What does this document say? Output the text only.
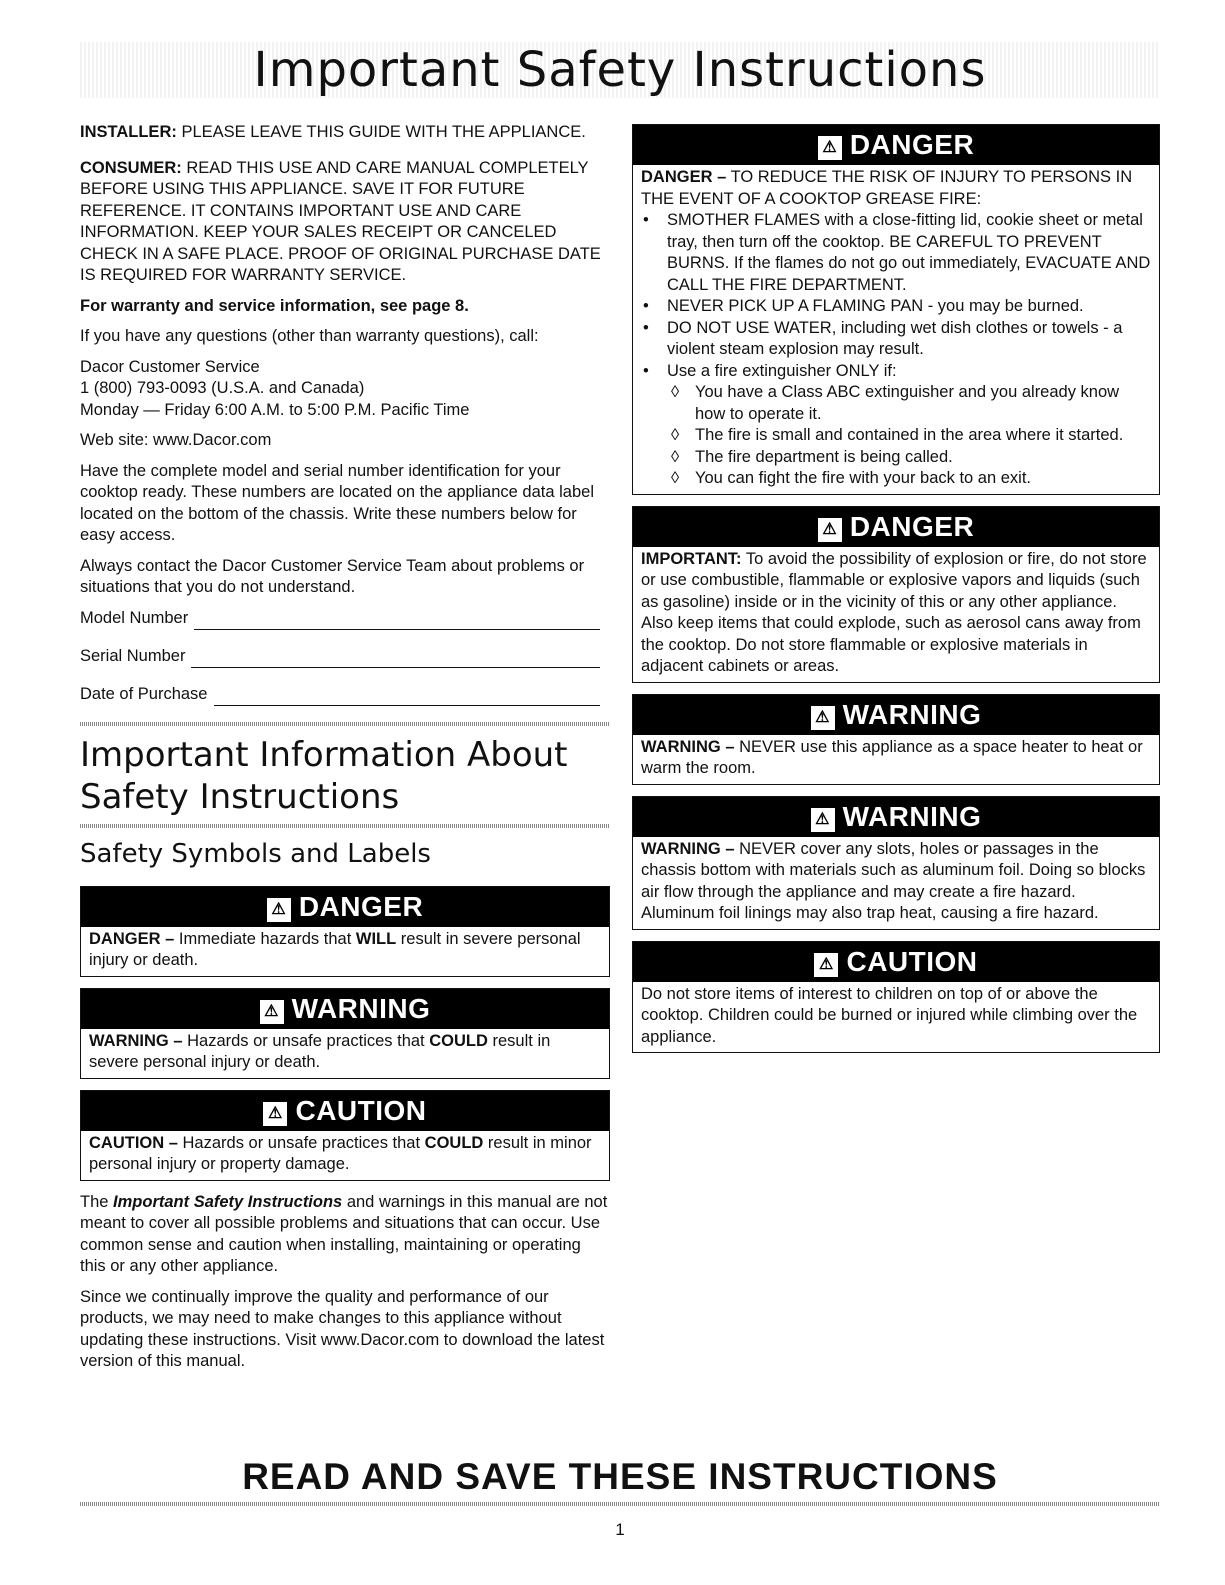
Important Safety Instructions

INSTALLER: PLEASE LEAVE THIS GUIDE WITH THE APPLIANCE.

CONSUMER: READ THIS USE AND CARE MANUAL COMPLETELY BEFORE USING THIS APPLIANCE. SAVE IT FOR FUTURE REFERENCE. IT CONTAINS IMPORTANT USE AND CARE INFORMATION. KEEP YOUR SALES RECEIPT OR CANCELED CHECK IN A SAFE PLACE. PROOF OF ORIGINAL PURCHASE DATE IS REQUIRED FOR WARRANTY SERVICE.

For warranty and service information, see page 8.

If you have any questions (other than warranty questions), call:

Dacor Customer Service
1 (800) 793-0093 (U.S.A. and Canada)
Monday — Friday 6:00 A.M. to 5:00 P.M. Pacific Time

Web site: www.Dacor.com

Have the complete model and serial number identification for your cooktop ready. These numbers are located on the appliance data label located on the bottom of the chassis. Write these numbers below for easy access.

Always contact the Dacor Customer Service Team about problems or situations that you do not understand.

Model Number
Serial Number
Date of Purchase
Important Information About
Safety Instructions
Safety Symbols and Labels
⚠ DANGER
DANGER – Immediate hazards that WILL result in severe personal injury or death.
⚠ WARNING
WARNING – Hazards or unsafe practices that COULD result in severe personal injury or death.
⚠ CAUTION
CAUTION – Hazards or unsafe practices that COULD result in minor personal injury or property damage.

The Important Safety Instructions and warnings in this manual are not meant to cover all possible problems and situations that can occur. Use common sense and caution when installing, maintaining or operating this or any other appliance.

Since we continually improve the quality and performance of our products, we may need to make changes to this appliance without updating these instructions. Visit www.Dacor.com to download the latest version of this manual.

⚠ DANGER
DANGER – TO REDUCE THE RISK OF INJURY TO PERSONS IN THE EVENT OF A COOKTOP GREASE FIRE:
• SMOTHER FLAMES with a close-fitting lid, cookie sheet or metal tray, then turn off the cooktop. BE CAREFUL TO PREVENT BURNS. If the flames do not go out immediately, EVACUATE AND CALL THE FIRE DEPARTMENT.
• NEVER PICK UP A FLAMING PAN - you may be burned.
• DO NOT USE WATER, including wet dish clothes or towels - a violent steam explosion may result.
• Use a fire extinguisher ONLY if:
◊ You have a Class ABC extinguisher and you already know how to operate it.
◊ The fire is small and contained in the area where it started.
◊ The fire department is being called.
◊ You can fight the fire with your back to an exit.
⚠ DANGER
IMPORTANT: To avoid the possibility of explosion or fire, do not store or use combustible, flammable or explosive vapors and liquids (such as gasoline) inside or in the vicinity of this or any other appliance. Also keep items that could explode, such as aerosol cans away from the cooktop. Do not store flammable or explosive materials in adjacent cabinets or areas.
⚠ WARNING
WARNING – NEVER use this appliance as a space heater to heat or warm the room.
⚠ WARNING
WARNING – NEVER cover any slots, holes or passages in the chassis bottom with materials such as aluminum foil. Doing so blocks air flow through the appliance and may create a fire hazard. Aluminum foil linings may also trap heat, causing a fire hazard.
⚠ CAUTION
Do not store items of interest to children on top of or above the cooktop. Children could be burned or injured while climbing over the appliance.
READ AND SAVE THESE INSTRUCTIONS
1
